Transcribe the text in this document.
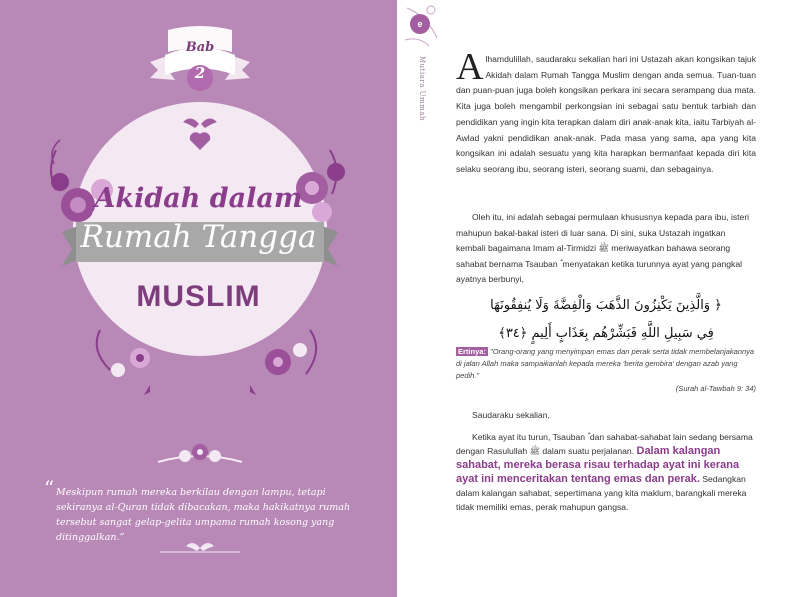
Bab
2
Akidah dalam
Rumah Tangga
MUSLIM
“ Meskipun rumah mereka berkilau dengan lampu, tetapi sekiranya al-Quran tidak dibacakan, maka hakikatnya rumah tersebut sangat gelap-gelita umpama rumah kosong yang ditinggalkan.”
e
Mutiara Ummah Alhamdulillah, saudaraku sekalian hari ini Ustazah akan kongsikan tajuk Akidah dalam Rumah Tangga Muslim dengan anda semua. Tuan-tuan dan puan-puan juga boleh kongsikan perkara ini secara serampang dua mata. Kita juga boleh mengambil perkongsian ini sebagai satu bentuk tarbiah dan pendidikan yang ingin kita terapkan dalam diri anak-anak kita, iaitu Tarbiyah al-Awlad yakni pendidikan anak-anak. Pada masa yang sama, apa yang kita kongsikan ini adalah sesuatu yang kita harapkan bermanfaat kepada diri kita selaku seorang ibu, seorang isteri, seorang suami, dan sebagainya.
Oleh itu, ini adalah sebagai permulaan khususnya kepada para ibu, isteri mahupun bakal-bakal isteri di luar sana. Di sini, suka Ustazah ingatkan kembali bagaimana Imam al-Tirmidzi ﷺ meriwayatkan bahawa seorang sahabat bernama Tsauban ؓ menyatakan ketika turunnya ayat yang pangkal ayatnya berbunyi,
﴿ وَالَّذِينَ يَكْنِزُونَ الذَّهَبَ وَالْفِضَّةَ وَلَا يُنفِقُونَهَا
فِي سَبِيلِ اللَّهِ فَبَشِّرْهُم بِعَذَابٍ أَلِيمٍ ﴿٣٤﴾
Ertinya: "Orang-orang yang menyimpan emas dan perak serta tidak membelanjakannya di jalan Allah maka sampaikanlah kepada mereka 'berita gembira' dengan azab yang pedih."
(Surah al-Tawbah 9: 34)
Saudaraku sekalian,
Ketika ayat itu turun, Tsauban ؓ dan sahabat-sahabat lain sedang bersama dengan Rasulullah ﷺ dalam suatu perjalanan. Dalam kalangan sahabat, mereka berasa risau terhadap ayat ini kerana ayat ini menceritakan tentang emas dan perak. Sedangkan dalam kalangan sahabat, sepertimana yang kita maklum, barangkali mereka tidak memiliki emas, perak mahupun gangsa.
